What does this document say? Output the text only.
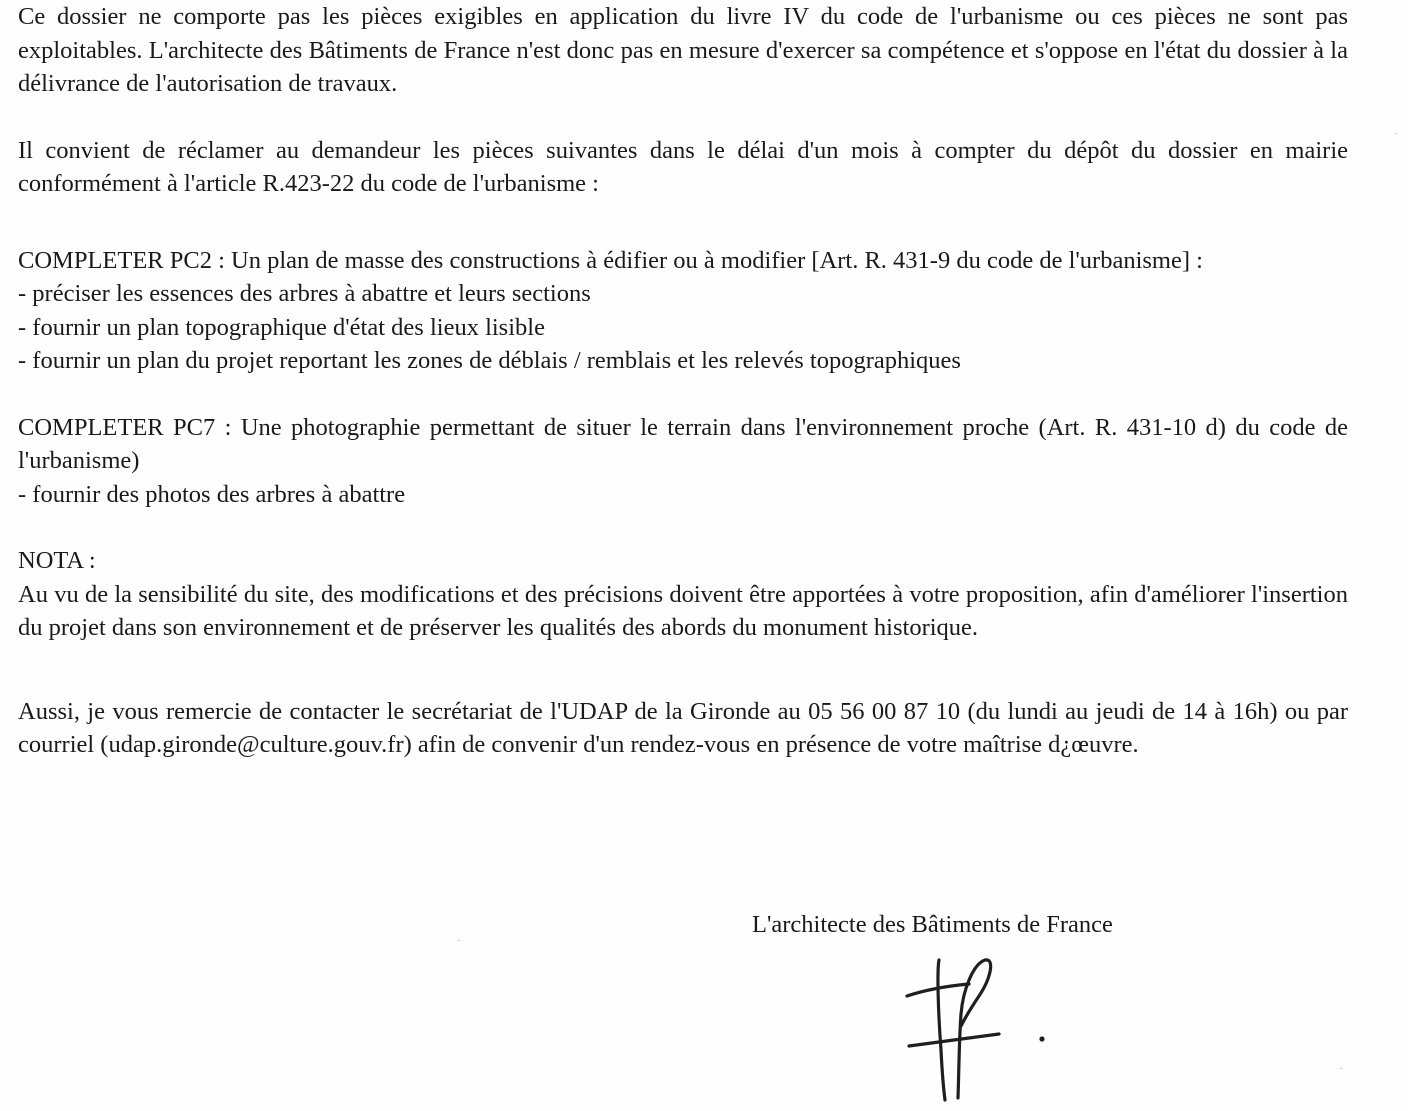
Ce dossier ne comporte pas les pièces exigibles en application du livre IV du code de l'urbanisme ou ces pièces ne sont pas exploitables. L'architecte des Bâtiments de France n'est donc pas en mesure d'exercer sa compétence et s'oppose en l'état du dossier à la délivrance de l'autorisation de travaux.

Il convient de réclamer au demandeur les pièces suivantes dans le délai d'un mois à compter du dépôt du dossier en mairie conformément à l'article R.423-22 du code de l'urbanisme :

COMPLETER PC2 : Un plan de masse des constructions à édifier ou à modifier [Art. R. 431-9 du code de l'urbanisme] :

- préciser les essences des arbres à abattre et leurs sections

- fournir un plan topographique d'état des lieux lisible

- fournir un plan du projet reportant les zones de déblais / remblais et les relevés topographiques

COMPLETER PC7 : Une photographie permettant de situer le terrain dans l'environnement proche (Art. R. 431-10 d) du code de l'urbanisme)

- fournir des photos des arbres à abattre

NOTA :

Au vu de la sensibilité du site, des modifications et des précisions doivent être apportées à votre proposition, afin d'améliorer l'insertion du projet dans son environnement et de préserver les qualités des abords du monument historique.

Aussi, je vous remercie de contacter le secrétariat de l'UDAP de la Gironde au 05 56 00 87 10 (du lundi au jeudi de 14 à 16h) ou par courriel (udap.gironde@culture.gouv.fr) afin de convenir d'un rendez-vous en présence de votre maîtrise d¿œuvre.

L'architecte des Bâtiments de France
